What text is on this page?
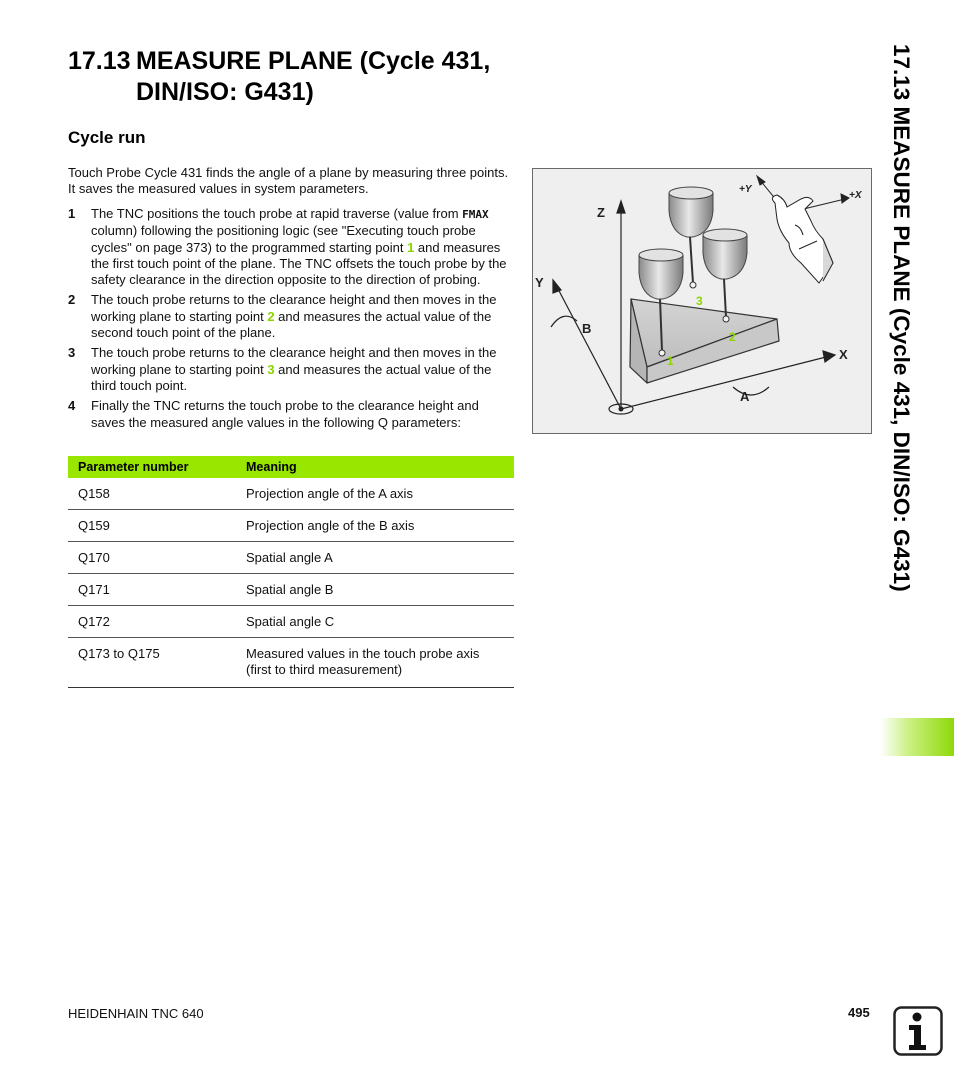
17.13 MEASURE PLANE (Cycle 431,
DIN/ISO: G431)
Cycle run

Touch Probe Cycle 431 finds the angle of a plane by measuring three points. It saves the measured values in system parameters.

1 The TNC positions the touch probe at rapid traverse (value from FMAX column) following the positioning logic (see "Executing touch probe cycles" on page 373) to the programmed starting point 1 and measures the first touch point of the plane. The TNC offsets the touch probe by the safety clearance in the direction opposite to the direction of probing.
2 The touch probe returns to the clearance height and then moves in the working plane to starting point 2 and measures the actual value of the second touch point of the plane.
3 The touch probe returns to the clearance height and then moves in the working plane to starting point 3 and measures the actual value of the third touch point.
4 Finally the TNC returns the touch probe to the clearance height and saves the measured angle values in the following Q parameters:
Parameter number	Meaning
Q158	Projection angle of the A axis
Q159	Projection angle of the B axis
Q170	Spatial angle A
Q171	Spatial angle B
Q172	Spatial angle C
Q173 to Q175	Measured values in the touch probe axis (first to third measurement)
Z
Y
X
A
B
+Y
+X
1
2
3	17.13 MEASURE PLANE (Cycle 431, DIN/ISO: G431)
HEIDENHAIN TNC 640	495
